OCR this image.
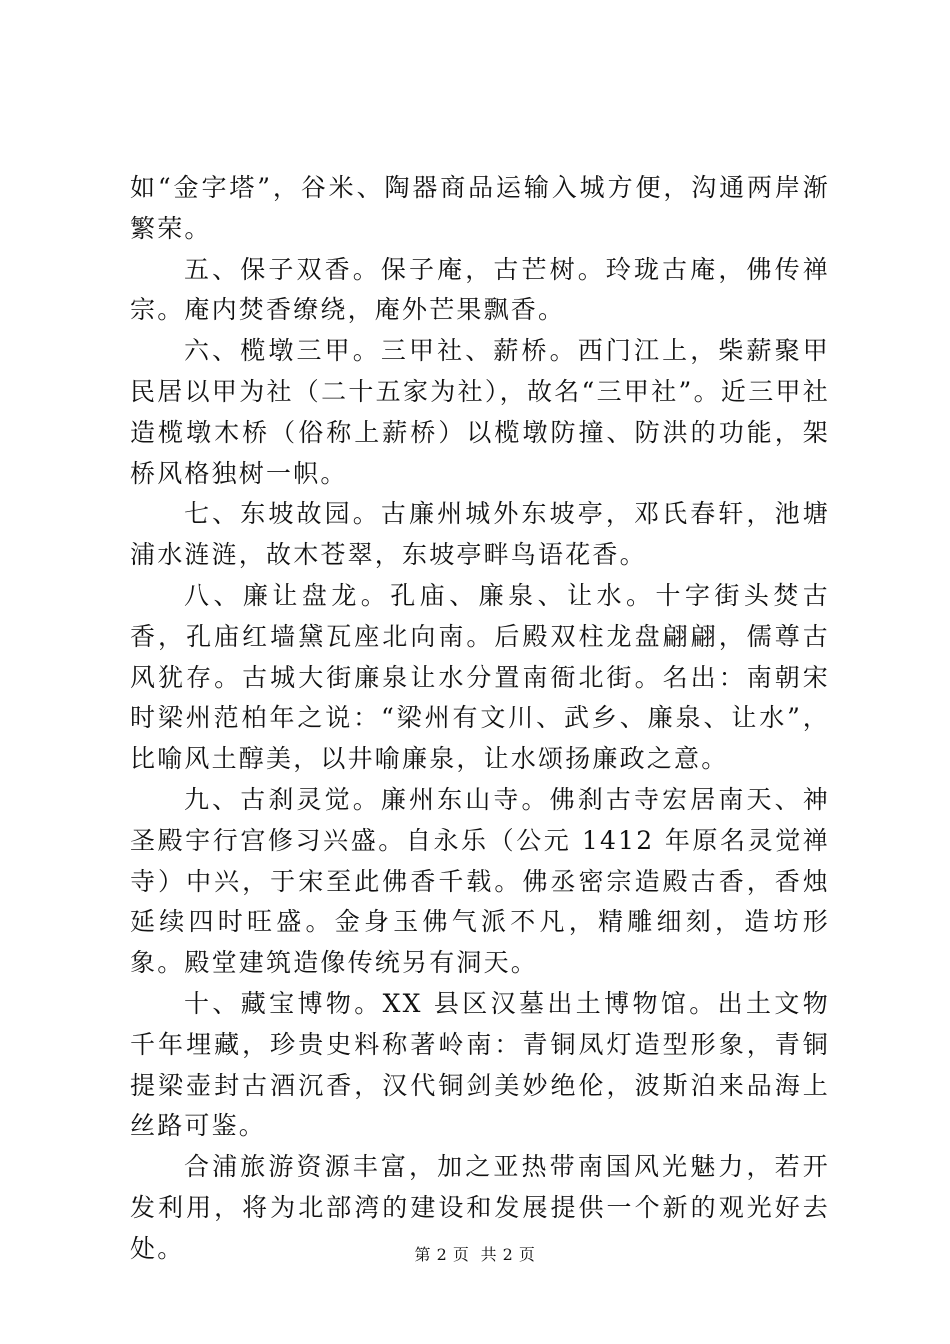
如“金字塔”，谷米、陶器商品运输入城方便，沟通两岸渐繁荣。

五、保子双香。保子庵，古芒树。玲珑古庵，佛传禅宗。庵内焚香缭绕，庵外芒果飘香。

六、榄墩三甲。三甲社、薪桥。西门江上，柴薪聚甲民居以甲为社（二十五家为社），故名“三甲社”。近三甲社造榄墩木桥（俗称上薪桥）以榄墩防撞、防洪的功能，架桥风格独树一帜。

七、东坡故园。古廉州城外东坡亭，邓氏春轩，池塘浦水涟涟，故木苍翠，东坡亭畔鸟语花香。

八、廉让盘龙。孔庙、廉泉、让水。十字街头焚古香，孔庙红墙黛瓦座北向南。后殿双柱龙盘翩翩，儒尊古风犹存。古城大街廉泉让水分置南衙北街。名出：南朝宋时梁州范柏年之说：“梁州有文川、武乡、廉泉、让水”，比喻风土醇美，以井喻廉泉，让水颂扬廉政之意。

九、古刹灵觉。廉州东山寺。佛刹古寺宏居南天、神圣殿宇行宫修习兴盛。自永乐（公元 1412 年原名灵觉禅寺）中兴，于宋至此佛香千载。佛丞密宗造殿古香，香烛延续四时旺盛。金身玉佛气派不凡，精雕细刻，造坊形象。殿堂建筑造像传统另有洞天。

十、藏宝博物。XX 县区汉墓出土博物馆。出土文物千年埋藏，珍贵史料称著岭南：青铜凤灯造型形象，青铜提梁壶封古酒沉香，汉代铜剑美妙绝伦，波斯泊来品海上丝路可鉴。

合浦旅游资源丰富，加之亚热带南国风光魅力，若开发利用，将为北部湾的建设和发展提供一个新的观光好去处。	第 2 页  共 2 页
